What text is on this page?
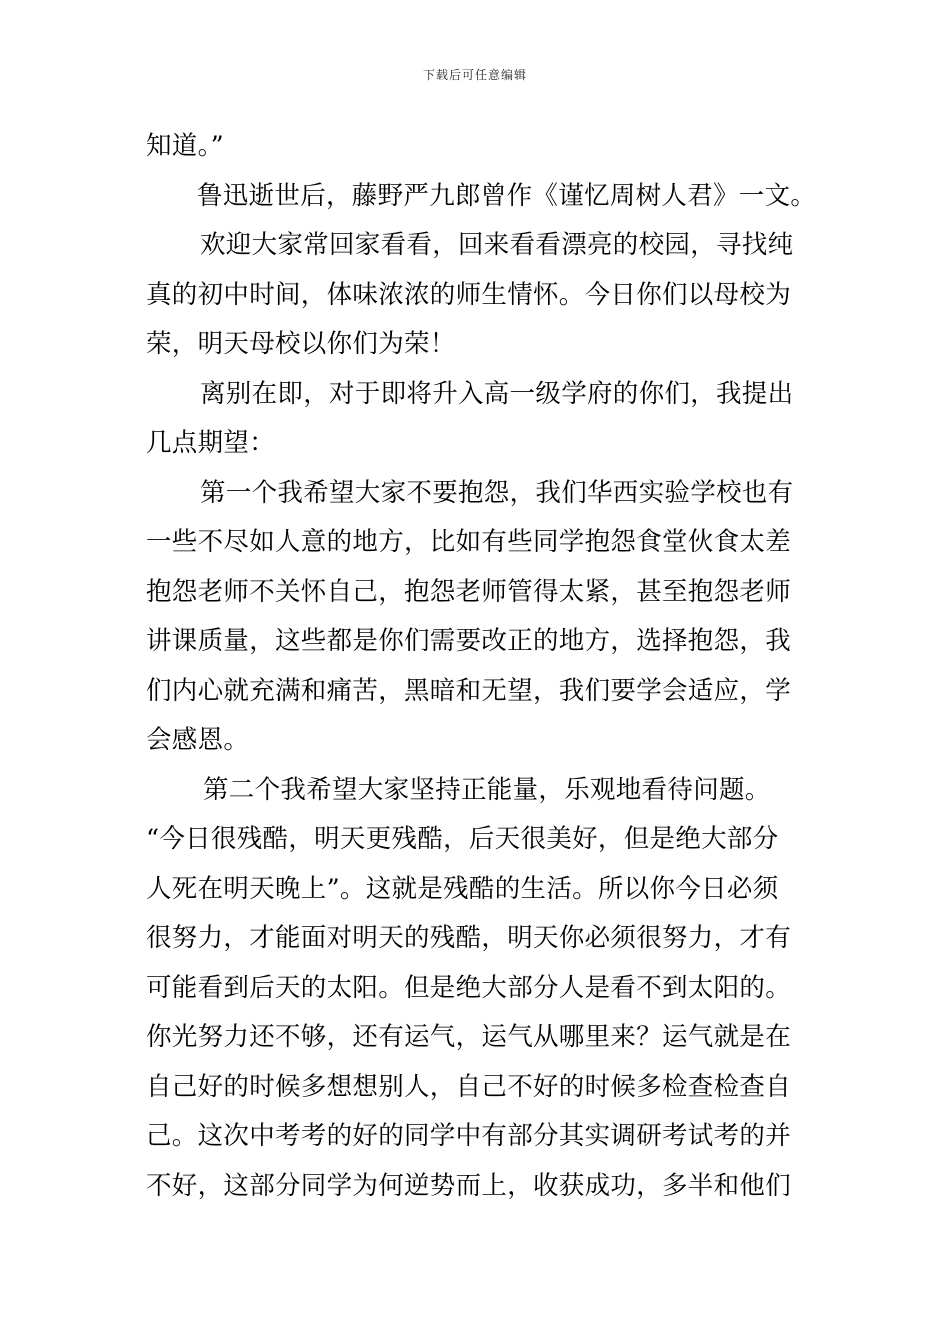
下载后可任意编辑
知道。”
鲁迅逝世后，藤野严九郎曾作《谨忆周树人君》一文。
欢迎大家常回家看看，回来看看漂亮的校园，寻找纯
真的初中时间，体味浓浓的师生情怀。今日你们以母校为
荣，明天母校以你们为荣！
离别在即，对于即将升入高一级学府的你们，我提出
几点期望：
第一个我希望大家不要抱怨，我们华西实验学校也有
一些不尽如人意的地方，比如有些同学抱怨食堂伙食太差
抱怨老师不关怀自己，抱怨老师管得太紧，甚至抱怨老师
讲课质量，这些都是你们需要改正的地方，选择抱怨，我
们内心就充满和痛苦，黑暗和无望，我们要学会适应，学
会感恩。
第二个我希望大家坚持正能量，乐观地看待问题。
“今日很残酷，明天更残酷，后天很美好，但是绝大部分
人死在明天晚上”。这就是残酷的生活。所以你今日必须
很努力，才能面对明天的残酷，明天你必须很努力，才有
可能看到后天的太阳。但是绝大部分人是看不到太阳的。
你光努力还不够，还有运气，运气从哪里来？运气就是在
自己好的时候多想想别人，自己不好的时候多检查检查自
己。这次中考考的好的同学中有部分其实调研考试考的并
不好，这部分同学为何逆势而上，收获成功，多半和他们
